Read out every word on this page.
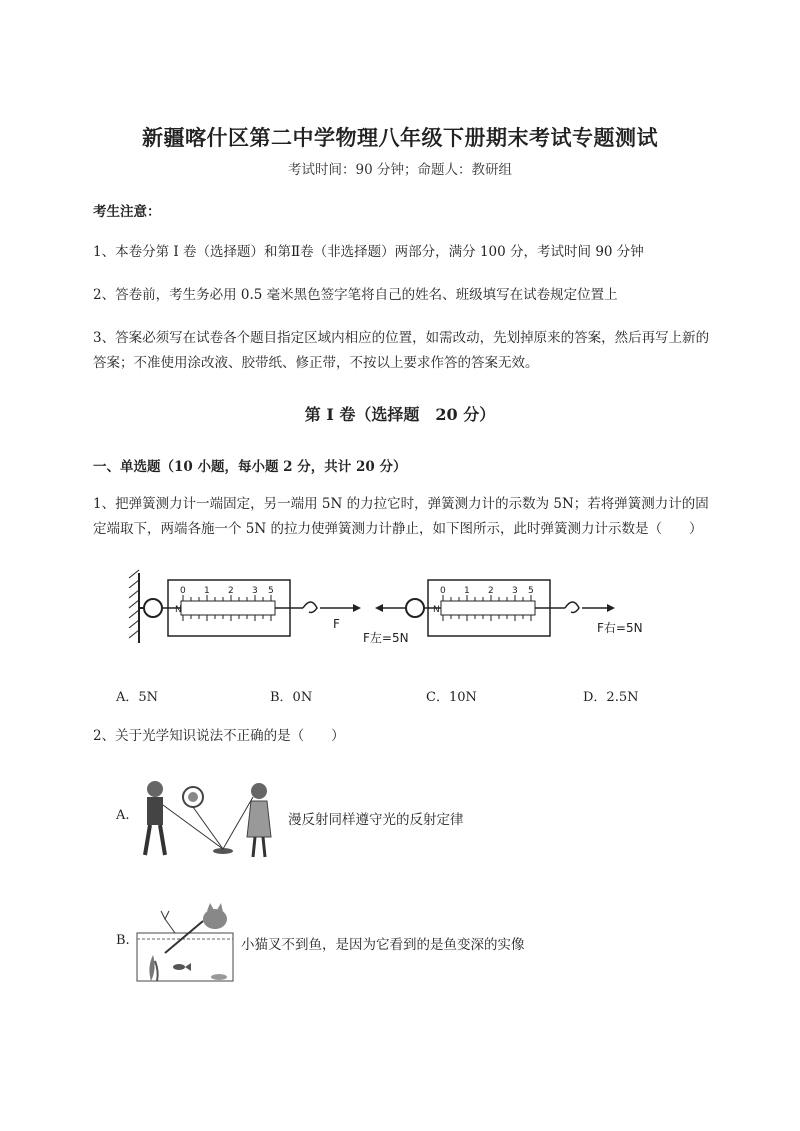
新疆喀什区第二中学物理八年级下册期末考试专题测试
考试时间：90 分钟；命题人：教研组
考生注意：
1、本卷分第 I 卷（选择题）和第Ⅱ卷（非选择题）两部分，满分 100 分，考试时间 90 分钟
2、答卷前，考生务必用 0.5 毫米黑色签字笔将自己的姓名、班级填写在试卷规定位置上
3、答案必须写在试卷各个题目指定区域内相应的位置，如需改动，先划掉原来的答案，然后再写上新的答案；不准使用涂改液、胶带纸、修正带，不按以上要求作答的答案无效。
第 I 卷（选择题　20 分）
一、单选题（10 小题，每小题 2 分，共计 20 分）
1、把弹簧测力计一端固定，另一端用 5N 的力拉它时，弹簧测力计的示数为 5N；若将弹簧测力计的固定端取下，两端各施一个 5N 的拉力使弹簧测力计静止，如下图所示，此时弹簧测力计示数是（　　）
N
0 1 2 3 5
F
N
0 1 2 3 5
F左=5N
F右=5N
A．5N	B．0N	C．10N	D．2.5N
2、关于光学知识说法不正确的是（　　）
A.	漫反射同样遵守光的反射定律
B.	小猫叉不到鱼，是因为它看到的是鱼变深的实像
